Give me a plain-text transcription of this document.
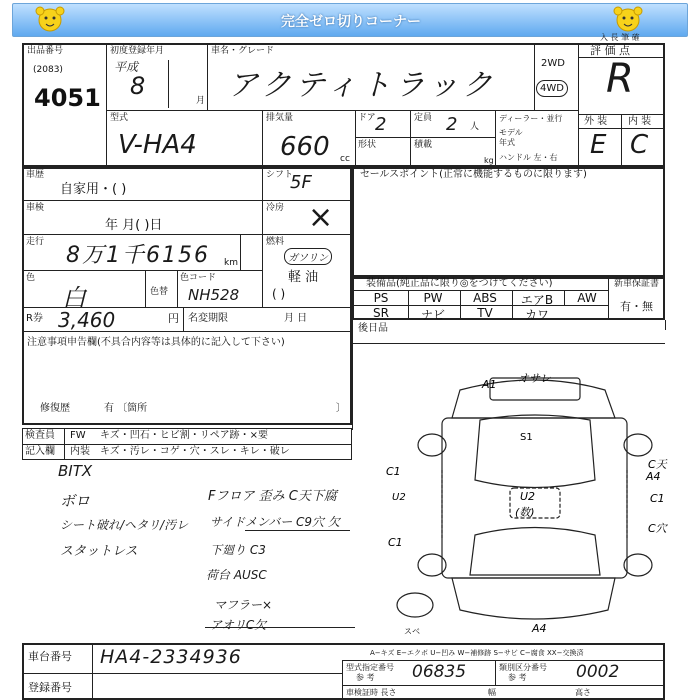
完全ゼロ切りコーナー
出品番号
(2083)
4051
初度登録年月
平成
8
月
車名・グレード
アクティトラック
2WD
4WD
評 価 点
R
外 装 内 装
E C
入 長 筆 確
型式
V-HA4
排気量
660 cc
ドア 2	定員 2 人
形状	積載
kg
ディーラー・並行
モデル年式
ハンドル 左・右
車歴
自家用・( )
シフト
5F
車検
年 月( )日
冷房 ×
走行
8万1千6156 km
燃料
ガソリン
軽 油
( )
色
白	色替
色コード
NH528
R券 3,460	円 名変期限	月 日
注意事項申告欄(不具合内容等は具体的に記入して下さい)
修復歴	有 〔箇所	〕
セールスポイント(正常に機能するものに限ります)
装備品(純正品に限り◎をつけてください)	新車保証書
有・無
PS	PW	ABS	エアB	AW
SR	ナビ	TV	カワ
後日品
検査員 FW キズ・凹石・ヒビ割・リペア跡・×要
記入欄 内装 キズ・汚レ・コゲ・穴・スレ・キレ・破レ
BITX
ボロ
シート破れ/ヘタリ/汚レ
スタットレス
Fフロア 歪み C天下腐
サイドメンバー C9穴 欠
下廻り C3
荷台 AUSC
マフラー×
アオリC欠
A1 オサレ
S1
U2
(数)
C1
U2
C1
C天
A4
C1
C穴
A4
スベ
A−キズ E−エクボ U−凹み W−補修跡 S−サビ C−腐食 XX−交換済
車台番号 HA4-2334936
登録番号
型式指定番号
参 考 06835	類別区分番号
参 考	0002
車検証時 長さ	幅	高さ
